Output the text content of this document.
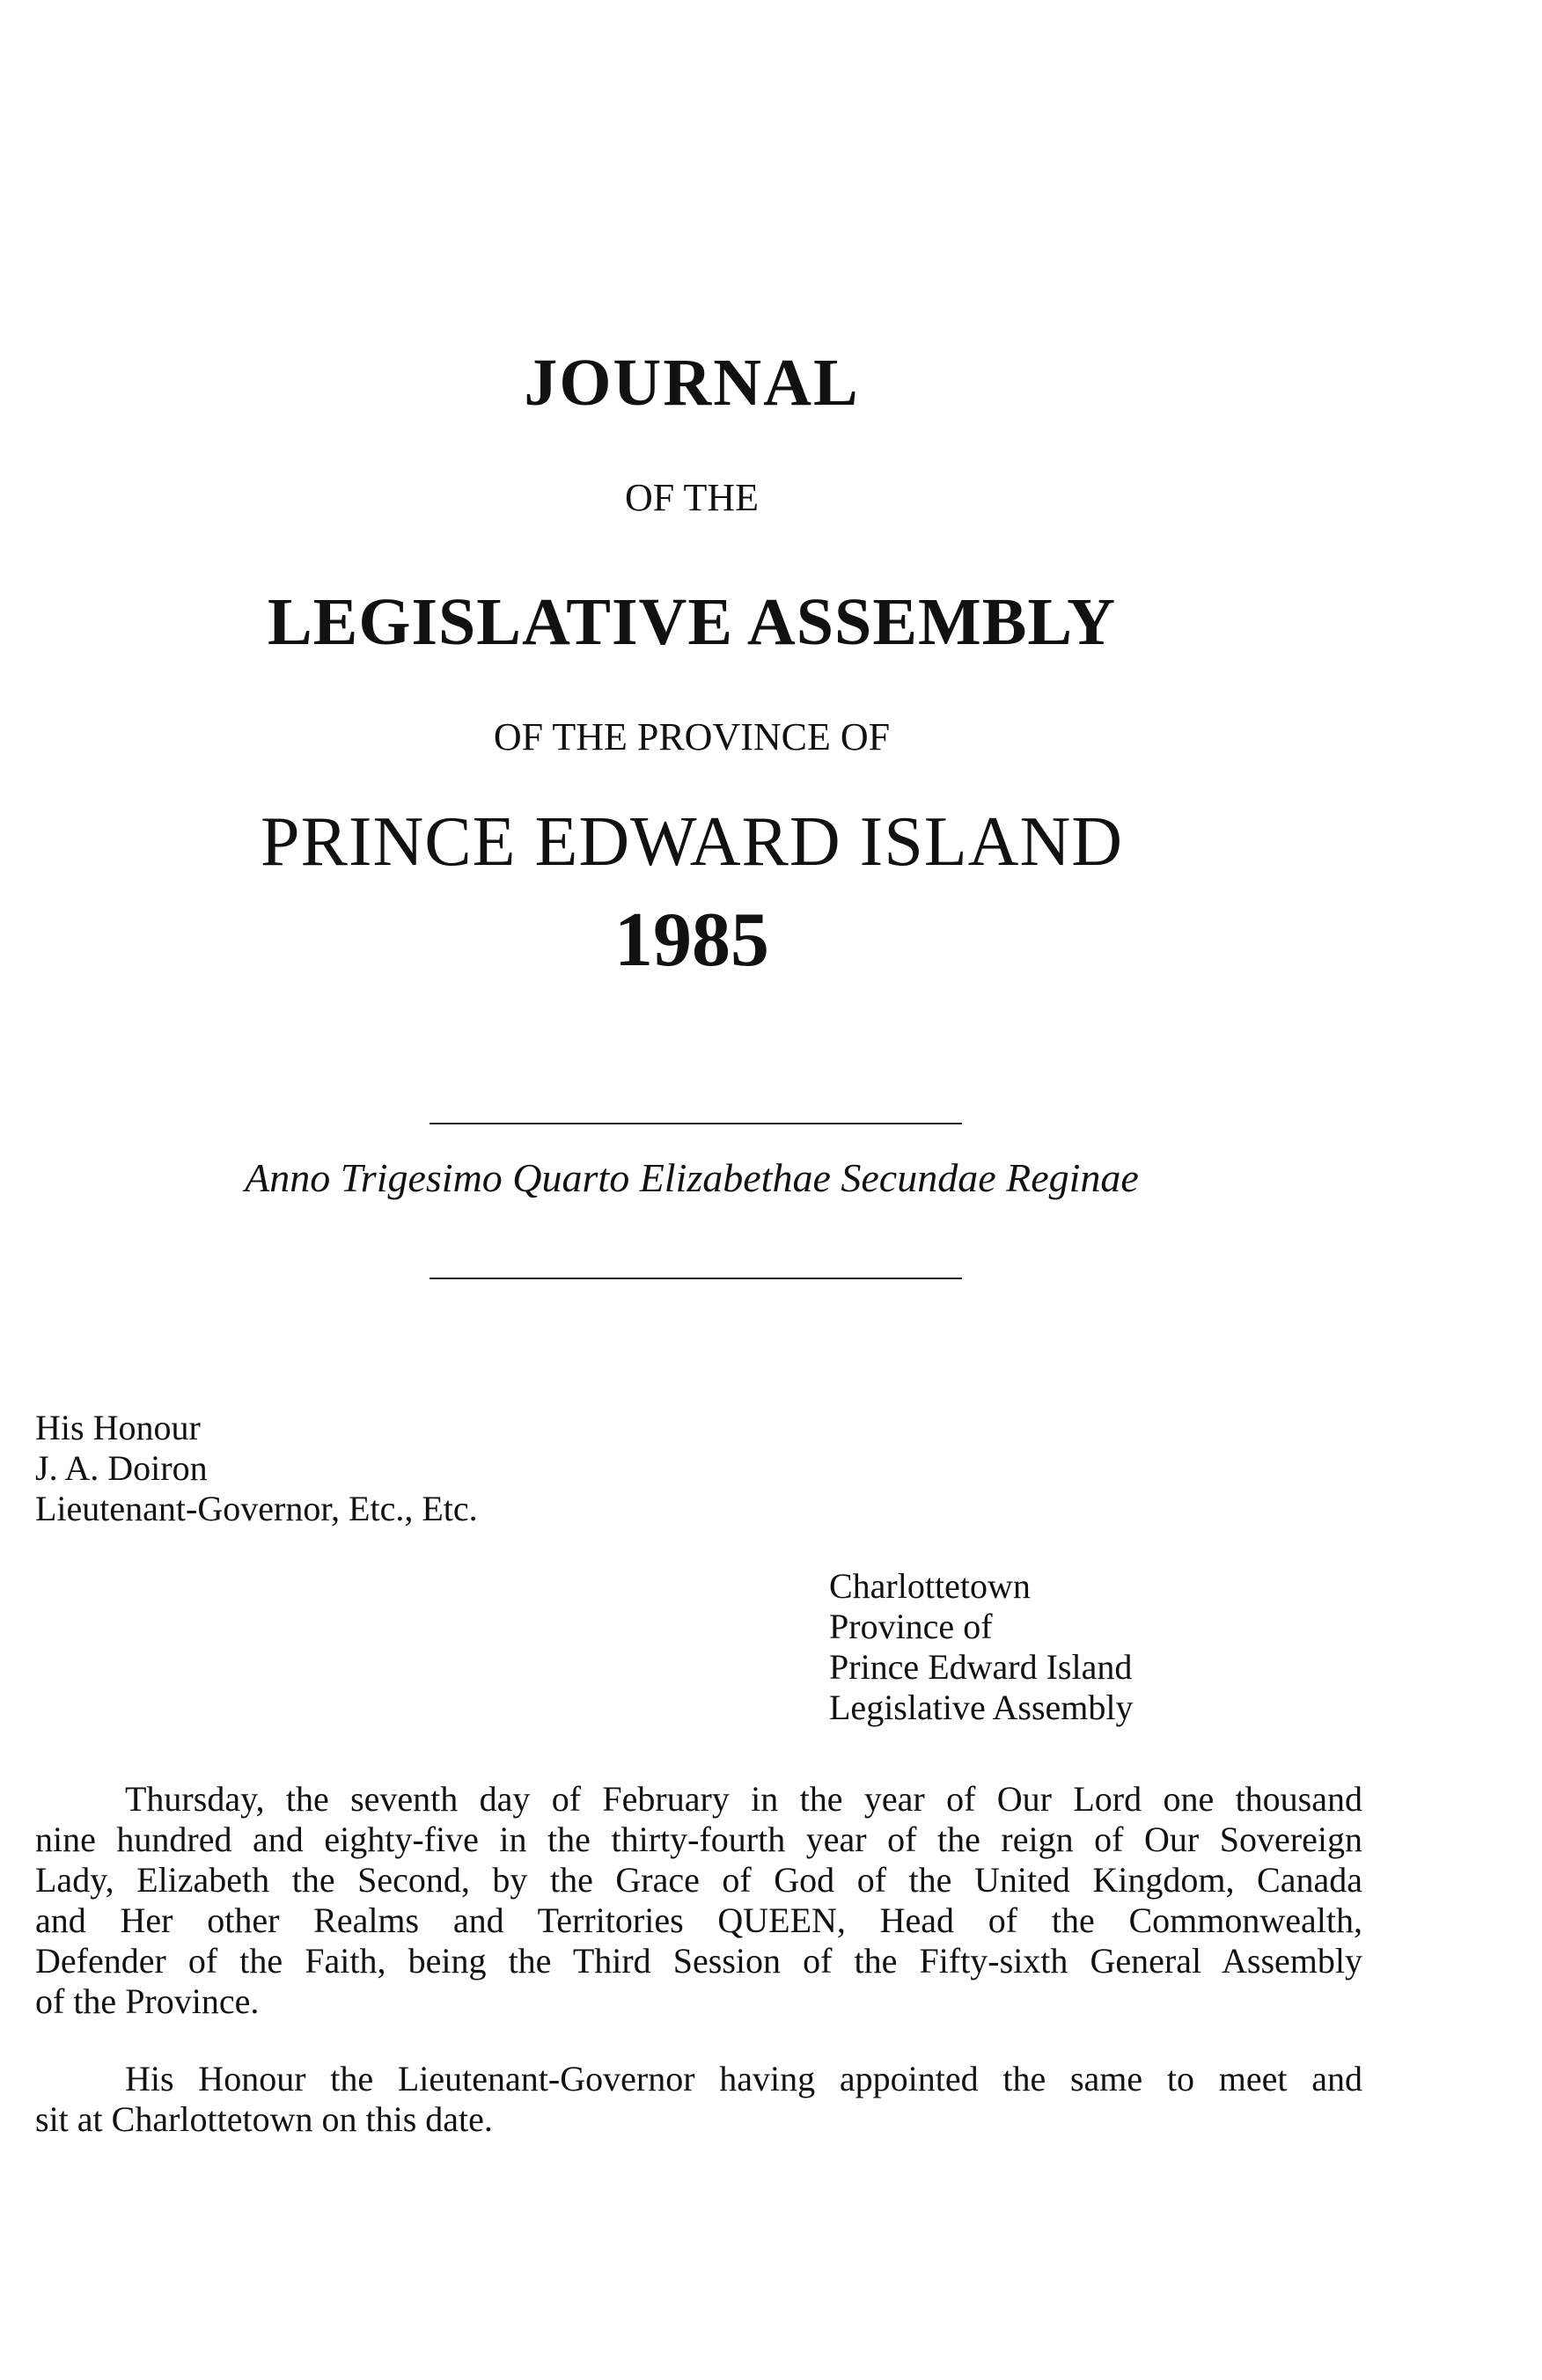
JOURNAL
OF THE
LEGISLATIVE ASSEMBLY
OF THE PROVINCE OF
PRINCE EDWARD ISLAND
1985
Anno Trigesimo Quarto Elizabethae Secundae Reginae
His Honour
J. A. Doiron
Lieutenant-Governor, Etc., Etc.
Charlottetown
Province of
Prince Edward Island
Legislative Assembly
Thursday, the seventh day of February in the year of Our Lord one thousand
nine hundred and eighty-five in the thirty-fourth year of the reign of Our Sovereign
Lady, Elizabeth the Second, by the Grace of God of the United Kingdom, Canada
and Her other Realms and Territories QUEEN, Head of the Commonwealth,
Defender of the Faith, being the Third Session of the Fifty-sixth General Assembly
of the Province.
His Honour the Lieutenant-Governor having appointed the same to meet and
sit at Charlottetown on this date.
